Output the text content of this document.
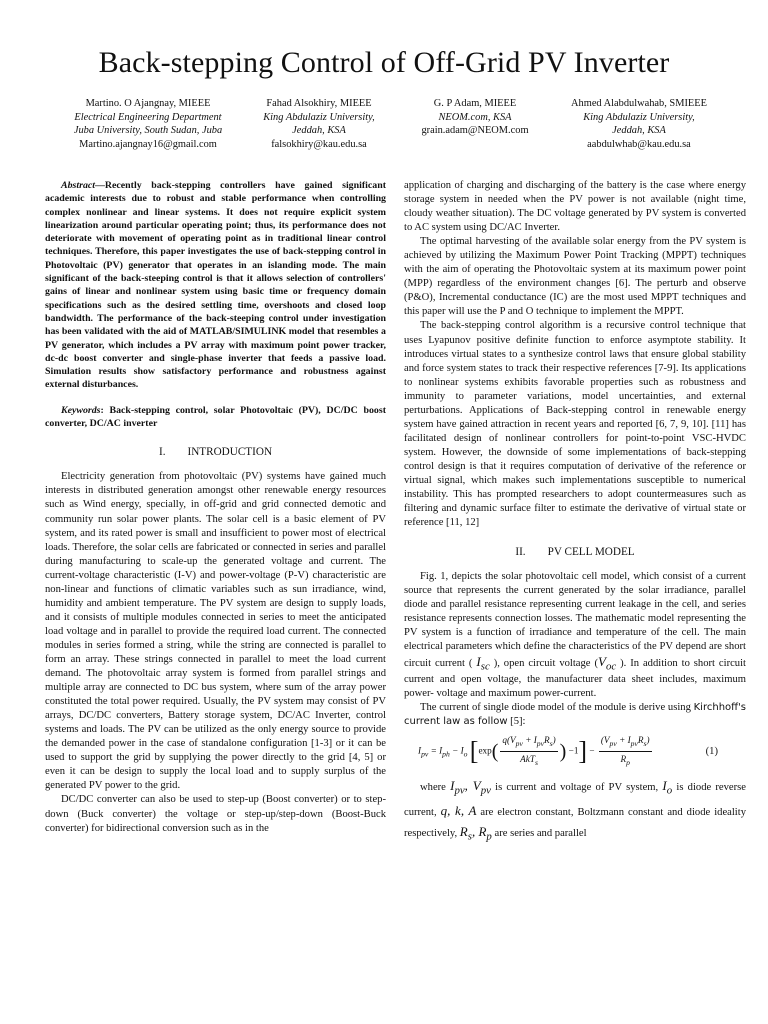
Back-stepping Control of Off-Grid PV Inverter
Martino. O Ajangnay, MIEEE
Electrical Engineering Department
Juba University, South Sudan, Juba
Martino.ajangnay16@gmail.com
Fahad Alsokhiry, MIEEE
King Abdulaziz University,
Jeddah, KSA
falsokhiry@kau.edu.sa
G. P Adam, MIEEE
NEOM.com, KSA
grain.adam@NEOM.com
Ahmed Alabdulwahab, SMIEEE
King Abdulaziz University,
Jeddah, KSA
aabdulwhab@kau.edu.sa

Abstract—Recently back-stepping controllers have gained significant academic interests due to robust and stable performance when controlling complex nonlinear and linear systems. It does not require explicit system linearization around particular operating point; thus, its performance does not deteriorate with movement of operating point as in traditional linear control techniques. Therefore, this paper investigates the use of back-stepping control in Photovoltaic (PV) generator that operates in an islanding mode. The main significant of the back-steeping control is that it allows selection of controllers' gains of linear and nonlinear system using basic time or frequency domain specifications such as the desired settling time, overshoots and closed loop bandwidth. The performance of the back-steeping control under investigation has been validated with the aid of MATLAB/SIMULINK model that resembles a PV generator, which includes a PV array with maximum point power tracker, dc-dc boost converter and single-phase inverter that feeds a passive load. Simulation results show satisfactory performance and robustness against external disturbances.

Keywords: Back-stepping control, solar Photovoltaic (PV), DC/DC boost converter, DC/AC inverter

I. INTRODUCTION

Electricity generation from photovoltaic (PV) systems have gained much interests in distributed generation amongst other renewable energy resources such as Wind energy, specially, in off-grid and grid connected demotic and community run solar power plants. The solar cell is a basic element of PV system, and its rated power is small and insufficient to power most of electrical loads. Therefore, the solar cells are fabricated or connected in series and parallel during manufacturing to scale-up the generated voltage and current. The current-voltage characteristic (I-V) and power-voltage (P-V) characteristic are non-linear and functions of climatic variables such as sun irradiance, wind, humidity and ambient temperature. The PV system are design to supply loads, and it consists of multiple modules connected in series to meet the anticipated load voltage and in parallel to provide the required load current. The connected modules in series formed a string, while the string are connected is parallel to form an array. These strings connected in parallel to meet the load current demand. The photovoltaic array system is formed from parallel strings and multiple array are connected to DC bus system, where sum of the array power constituted the total power required. Usually, the PV system may consist of PV arrays, DC/DC converters, Battery storage system, DC/AC Inverter, control systems and loads. The PV can be utilized as the only energy source to provide the demanded power in the case of standalone configuration [1-3] or it can be used to support the grid by supplying the power directly to the grid [4, 5] or even it can be design to supply the local load and to supply surplus of the generated PV power to the grid.

DC/DC converter can also be used to step-up (Boost converter) or to step-down (Buck converter) the voltage or step-up/step-down (Boost-Buck converter) for bidirectional conversion such as in the

application of charging and discharging of the battery is the case where energy storage system in needed when the PV power is not available (night time, cloudy weather situation). The DC voltage generated by PV system is converted to AC system using DC/AC Inverter.

The optimal harvesting of the available solar energy from the PV system is achieved by utilizing the Maximum Power Point Tracking (MPPT) techniques with the aim of operating the Photovoltaic system at its maximum power point (MPP) regardless of the environment changes [6]. The perturb and observe (P&O), Incremental conductance (IC) are the most used MPPT techniques and this paper will use the P and O technique to implement the MPPT.

The back-stepping control algorithm is a recursive control technique that uses Lyapunov positive definite function to enforce asymptote stability. It introduces virtual states to a synthesize control laws that ensure global stability and force system states to track their respective references [7-9]. Its applications to nonlinear systems exhibits favorable properties such as robustness and immunity to parameter variations, model uncertainties, and external perturbations. Applications of Back-stepping control in renewable energy system have gained attraction in recent years and reported [6, 7, 9, 10]. [11] has facilitated design of nonlinear controllers for point-to-point VSC-HVDC system. However, the downside of some implementations of back-stepping control design is that it requires computation of derivative of the reference or virtual signal, which makes such implementations susceptible to numerical instability. This has prompted researchers to adopt countermeasures such as filtering and dynamic surface filter to estimate the derivative of virtual state or reference [11, 12]

II. PV CELL MODEL

Fig. 1, depicts the solar photovoltaic cell model, which consist of a current source that represents the current generated by the solar irradiance, parallel diode and parallel resistance representing current leakage in the cell, and series resistance represents connection losses. The mathematic model representing the PV system is a function of irradiance and temperature of the cell. The main electrical parameters which define the characteristics of the PV depend are short circuit current ( $I_{sc}$ ), open circuit voltage ($V_{oc}$ ). In addition to short circuit current and open voltage, the manufacturer data sheet includes, maximum power- voltage and maximum power-current.

The current of single diode model of the module is derive using Kirchhoff's current law as follow [5]:

$I_{pv} = I_{ph} - I_o$ [$\exp( \frac{q(V_{pv} + I_{pv}R_s)}{AkT_s}$ ) $-1] - \frac{(V_{pv} + I_{pv}R_s)}{R_p}$	(1)

where $I_{pv}$, $V_{pv}$ is current and voltage of PV system, $I_o$ is diode reverse current, q, k, A are electron constant, Boltzmann constant and diode ideality respectively, $R_s$, $R_p$ are series and parallel
